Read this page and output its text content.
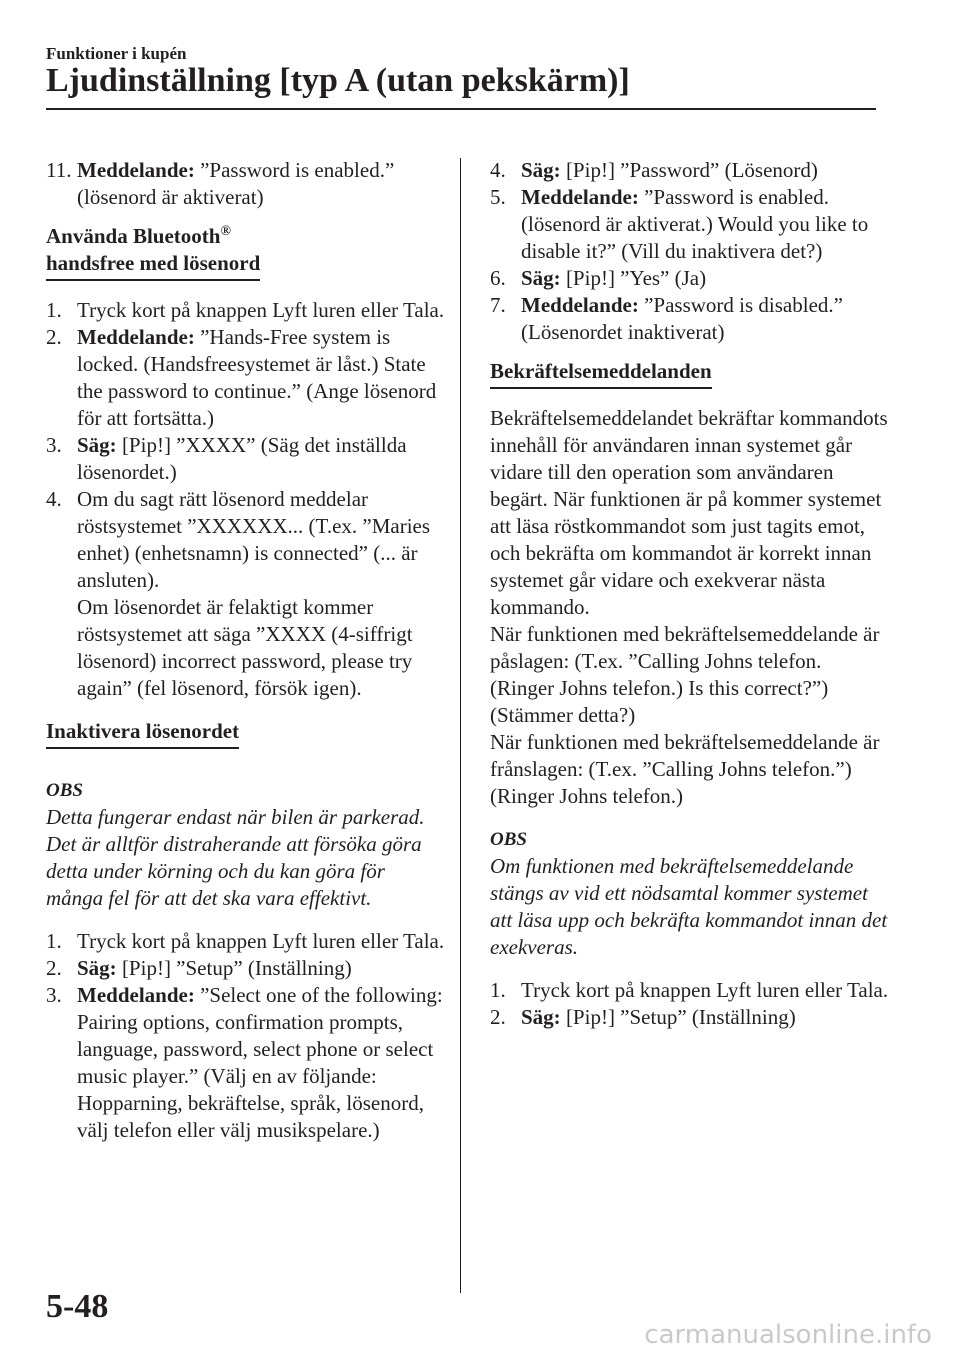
Funktioner i kupén
Ljudinställning [typ A (utan pekskärm)]
11. Meddelande: ”Password is enabled.” (lösenord är aktiverat)
Använda Bluetooth®
handsfree med lösenord
1. Tryck kort på knappen Lyft luren eller Tala.
2. Meddelande: ”Hands-Free system is locked. (Handsfreesystemet är låst.) State the password to continue.” (Ange lösenord för att fortsätta.)
3. Säg: [Pip!] ”XXXX” (Säg det inställda lösenordet.)
4. Om du sagt rätt lösenord meddelar röstsystemet ”XXXXXX... (T.ex. ”Maries enhet) (enhetsnamn) is connected” (... är ansluten).
Om lösenordet är felaktigt kommer röstsystemet att säga ”XXXX (4-siffrigt lösenord) incorrect password, please try again” (fel lösenord, försök igen).
Inaktivera lösenordet
OBS
Detta fungerar endast när bilen är parkerad. Det är alltför distraherande att försöka göra detta under körning och du kan göra för många fel för att det ska vara effektivt.
1. Tryck kort på knappen Lyft luren eller Tala.
2. Säg: [Pip!] ”Setup” (Inställning)
3. Meddelande: ”Select one of the following: Pairing options, confirmation prompts, language, password, select phone or select music player.” (Välj en av följande: Hopparning, bekräftelse, språk, lösenord, välj telefon eller välj musikspelare.)
4. Säg: [Pip!] ”Password” (Lösenord)
5. Meddelande: ”Password is enabled. (lösenord är aktiverat.) Would you like to disable it?” (Vill du inaktivera det?)
6. Säg: [Pip!] ”Yes” (Ja)
7. Meddelande: ”Password is disabled.” (Lösenordet inaktiverat)
Bekräftelsemeddelanden

Bekräftelsemeddelandet bekräftar kommandots innehåll för användaren innan systemet går vidare till den operation som användaren begärt. När funktionen är på kommer systemet att läsa röstkommandot som just tagits emot, och bekräfta om kommandot är korrekt innan systemet går vidare och exekverar nästa kommando.

När funktionen med bekräftelsemeddelande är påslagen: (T.ex. ”Calling Johns telefon. (Ringer Johns telefon.) Is this correct?”) (Stämmer detta?)

När funktionen med bekräftelsemeddelande är frånslagen: (T.ex. ”Calling Johns telefon.”) (Ringer Johns telefon.)

OBS
Om funktionen med bekräftelsemeddelande stängs av vid ett nödsamtal kommer systemet att läsa upp och bekräfta kommandot innan det exekveras.
1. Tryck kort på knappen Lyft luren eller Tala.
2. Säg: [Pip!] ”Setup” (Inställning)
5-48
carmanualsonline.info
